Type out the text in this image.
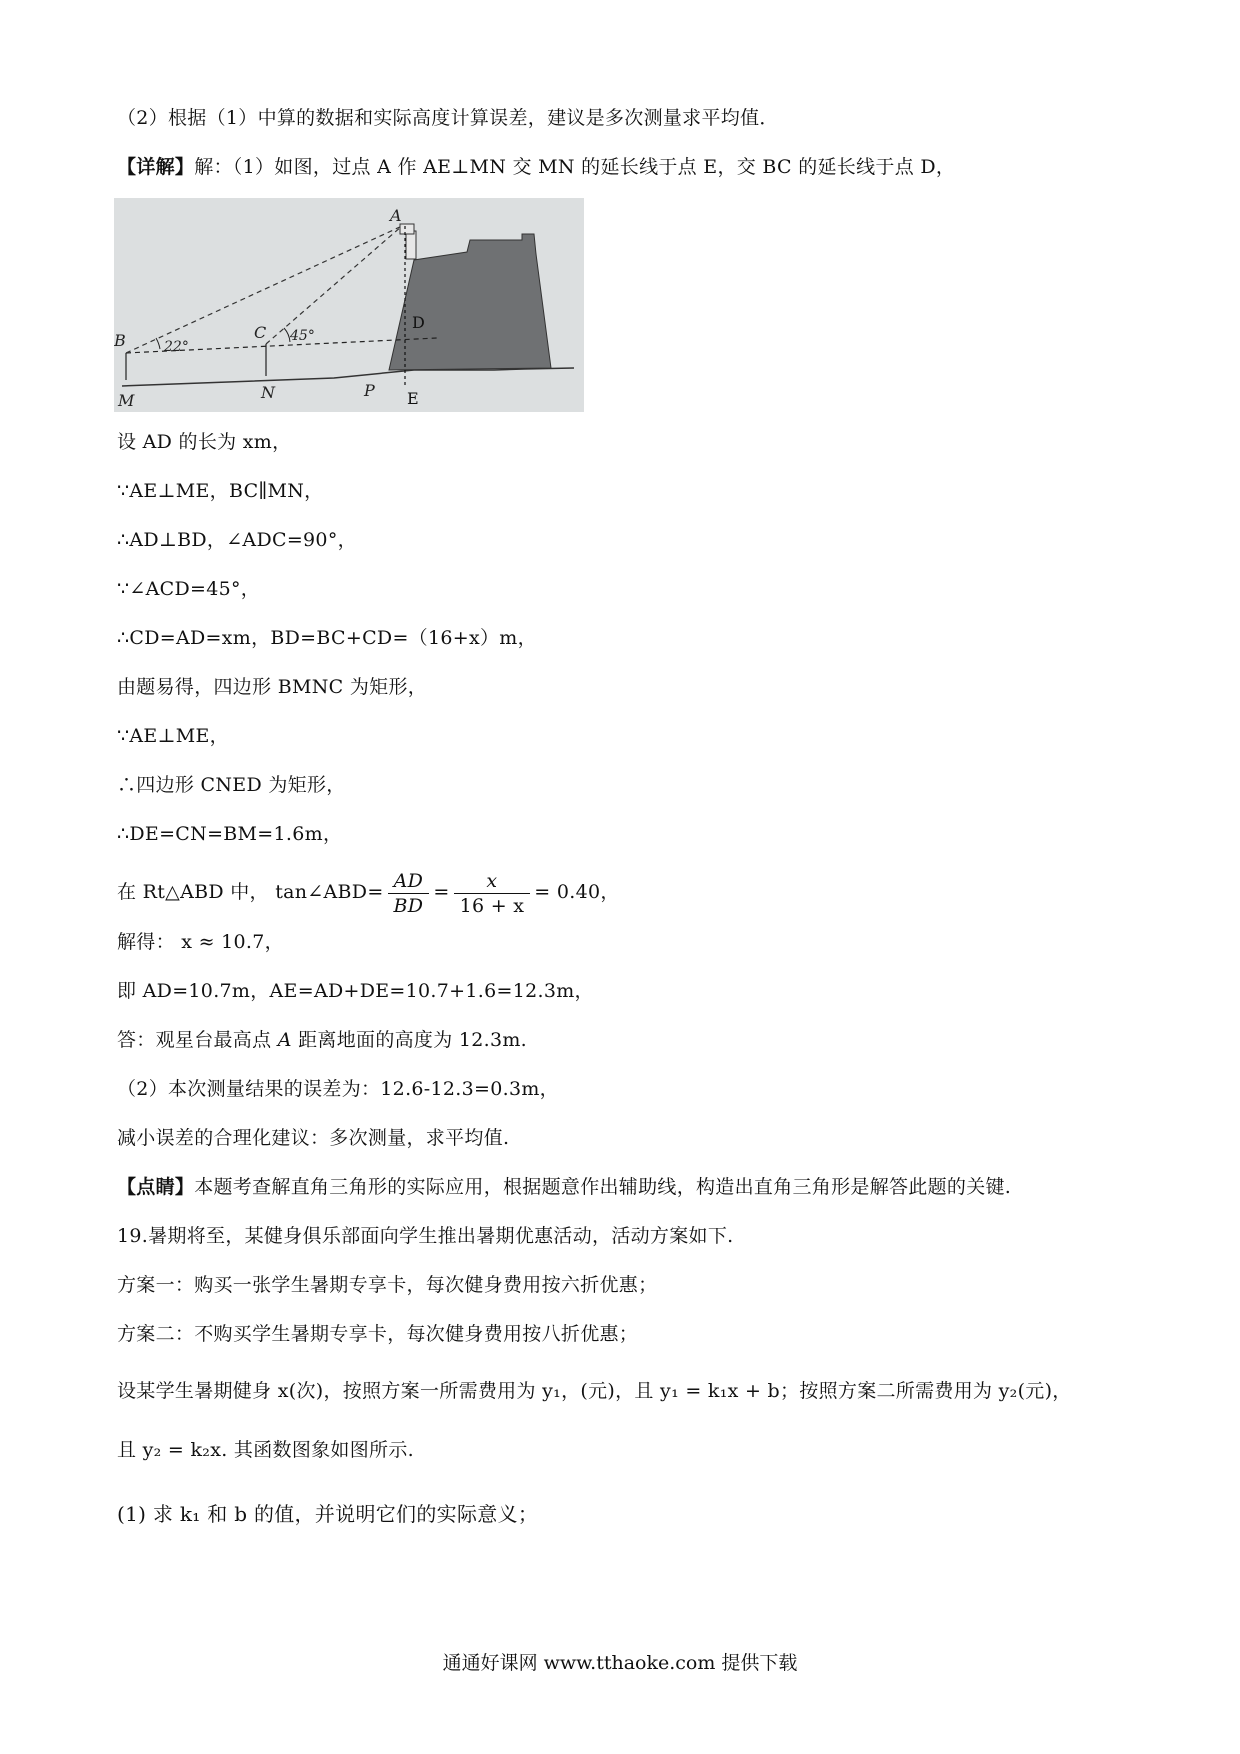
（2）根据（1）中算的数据和实际高度计算误差，建议是多次测量求平均值．
【详解】解：（1）如图，过点 A 作 AE⊥MN 交 MN 的延长线于点 E，交 BC 的延长线于点 D，
A
B	C
D
E
M	N	P
22°
45°
设 AD 的长为 xm，
∵AE⊥ME，BC∥MN，
∴AD⊥BD，∠ADC=90°，
∵∠ACD=45°，
∴CD=AD=xm，BD=BC+CD=（16+x）m，
由题易得，四边形 BMNC 为矩形，
∵AE⊥ME，
∴四边形 CNED 为矩形，
∴DE=CN=BM=1.6m，
在 Rt△ABD 中， tan∠ABD= $\frac{AD}{BD} = \frac{x}{16 + x} = 0.40$，
解得： x ≈ 10.7，
即 AD=10.7m，AE=AD+DE=10.7+1.6=12.3m，
答：观星台最高点 A 距离地面的高度为 12.3m.
（2）本次测量结果的误差为：12.6-12.3=0.3m，
减小误差的合理化建议：多次测量，求平均值.
【点睛】本题考查解直角三角形的实际应用，根据题意作出辅助线，构造出直角三角形是解答此题的关键.
19.暑期将至，某健身俱乐部面向学生推出暑期优惠活动，活动方案如下.
方案一：购买一张学生暑期专享卡，每次健身费用按六折优惠；
方案二：不购买学生暑期专享卡，每次健身费用按八折优惠；
设某学生暑期健身 x(次)，按照方案一所需费用为 y₁，(元)，且 y₁ = k₁x + b；按照方案二所需费用为 y₂(元)，
且 y₂ = k₂x. 其函数图象如图所示.
(1) 求 k₁ 和 b 的值，并说明它们的实际意义；
通通好课网 www.tthaoke.com 提供下载
